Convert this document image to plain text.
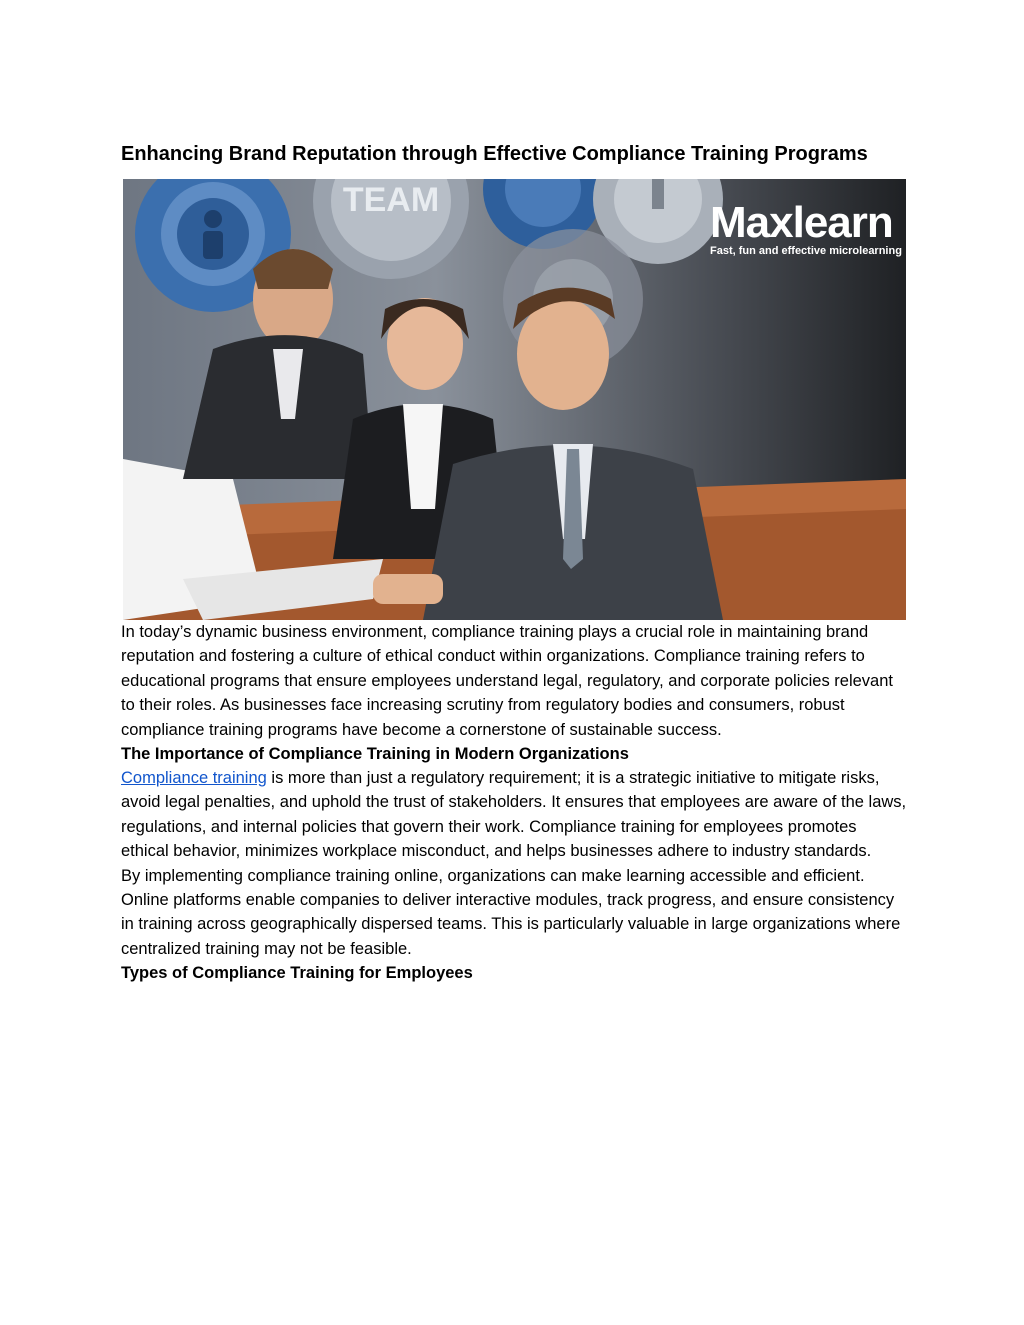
Enhancing Brand Reputation through Effective Compliance Training Programs
TEAM	Maxlearn
Fast, fun and effective microlearning

In today’s dynamic business environment, compliance training plays a crucial role in maintaining brand reputation and fostering a culture of ethical conduct within organizations. Compliance training refers to educational programs that ensure employees understand legal, regulatory, and corporate policies relevant to their roles. As businesses face increasing scrutiny from regulatory bodies and consumers, robust compliance training programs have become a cornerstone of sustainable success.

The Importance of Compliance Training in Modern Organizations

Compliance training is more than just a regulatory requirement; it is a strategic initiative to mitigate risks, avoid legal penalties, and uphold the trust of stakeholders. It ensures that employees are aware of the laws, regulations, and internal policies that govern their work. Compliance training for employees promotes ethical behavior, minimizes workplace misconduct, and helps businesses adhere to industry standards.

By implementing compliance training online, organizations can make learning accessible and efficient. Online platforms enable companies to deliver interactive modules, track progress, and ensure consistency in training across geographically dispersed teams. This is particularly valuable in large organizations where centralized training may not be feasible.

Types of Compliance Training for Employees
